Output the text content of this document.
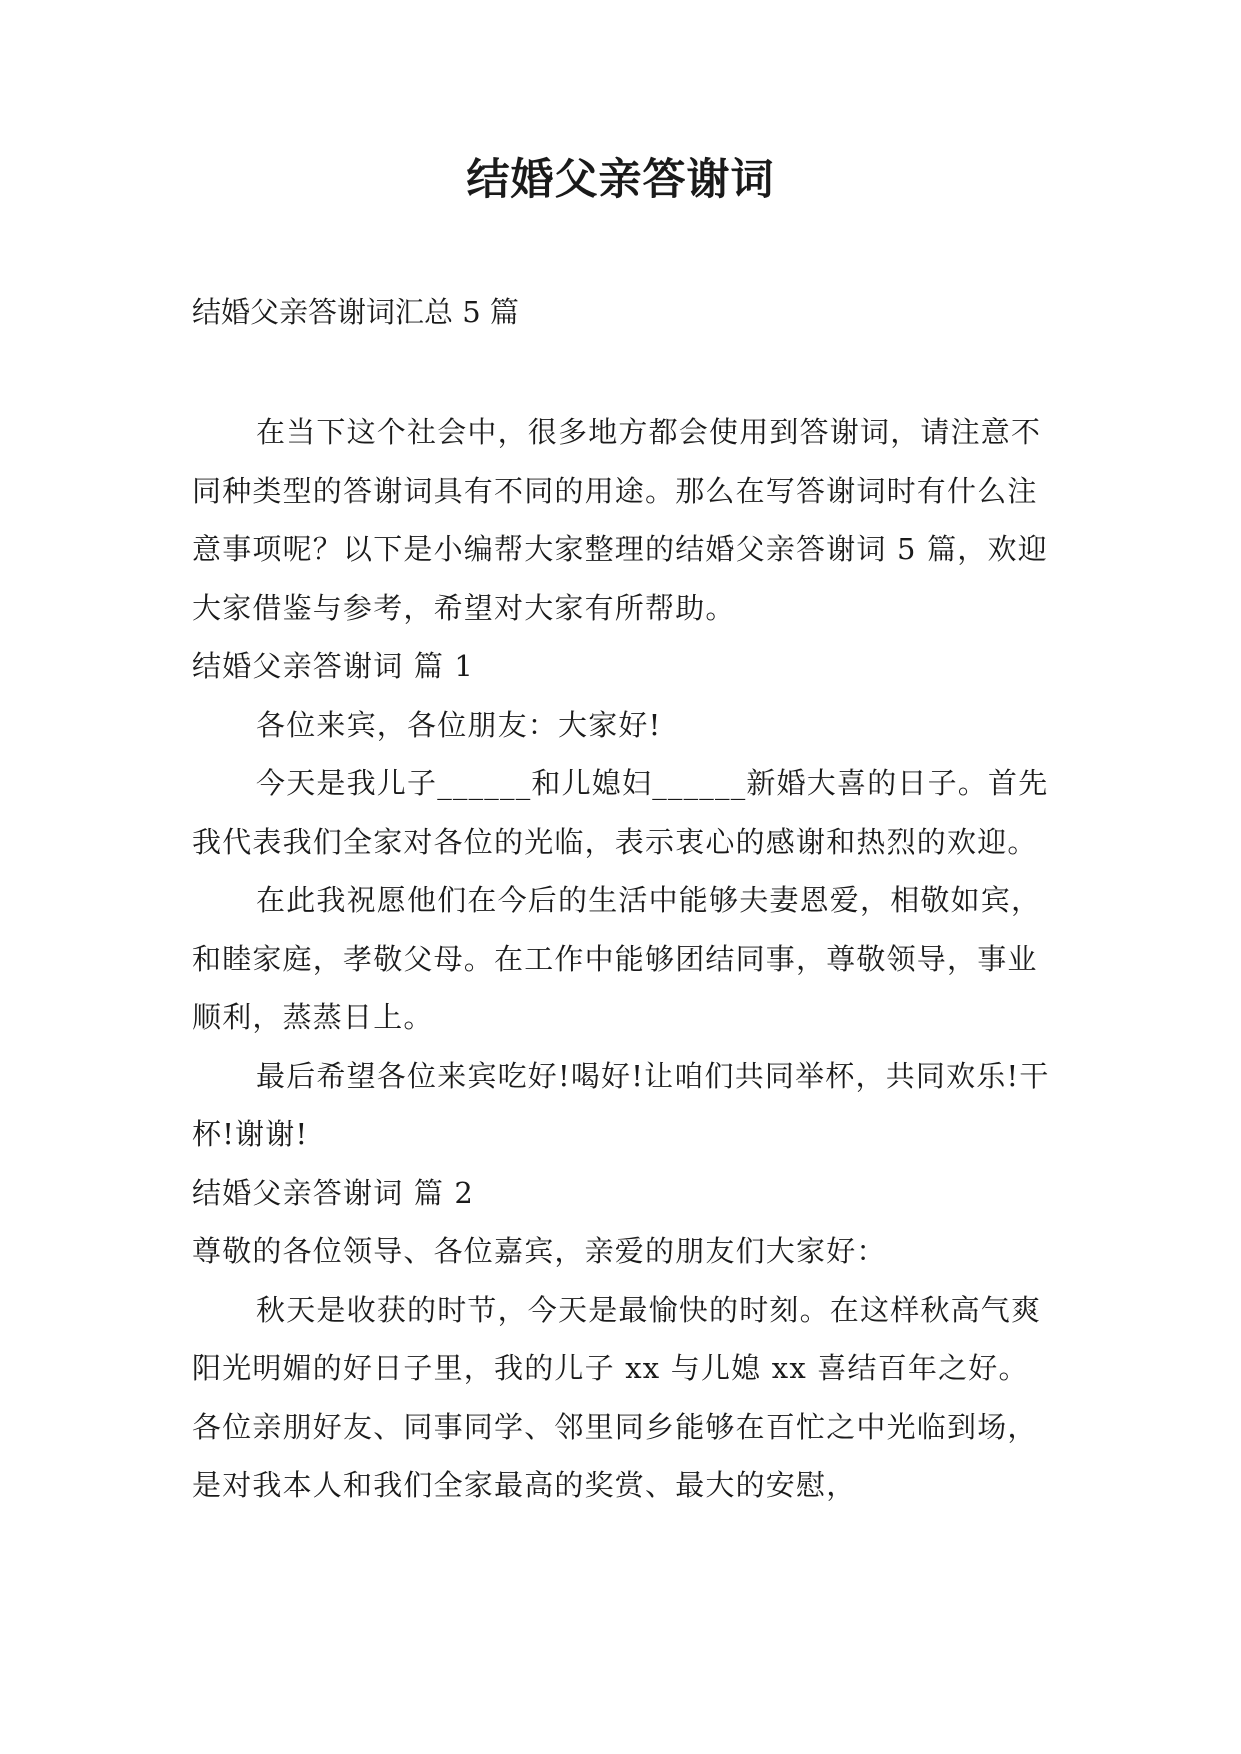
结婚父亲答谢词
结婚父亲答谢词汇总 5 篇

在当下这个社会中，很多地方都会使用到答谢词，请注意不同种类型的答谢词具有不同的用途。那么在写答谢词时有什么注意事项呢？以下是小编帮大家整理的结婚父亲答谢词 5 篇，欢迎大家借鉴与参考，希望对大家有所帮助。

结婚父亲答谢词 篇 1

各位来宾，各位朋友：大家好!

今天是我儿子______和儿媳妇______新婚大喜的日子。首先我代表我们全家对各位的光临，表示衷心的感谢和热烈的欢迎。

在此我祝愿他们在今后的生活中能够夫妻恩爱，相敬如宾，和睦家庭，孝敬父母。在工作中能够团结同事，尊敬领导，事业顺利，蒸蒸日上。

最后希望各位来宾吃好!喝好!让咱们共同举杯，共同欢乐!干杯!谢谢!

结婚父亲答谢词 篇 2

尊敬的各位领导、各位嘉宾，亲爱的朋友们大家好：

秋天是收获的时节，今天是最愉快的时刻。在这样秋高气爽阳光明媚的好日子里，我的儿子 xx 与儿媳 xx 喜结百年之好。各位亲朋好友、同事同学、邻里同乡能够在百忙之中光临到场，是对我本人和我们全家最高的奖赏、最大的安慰，
